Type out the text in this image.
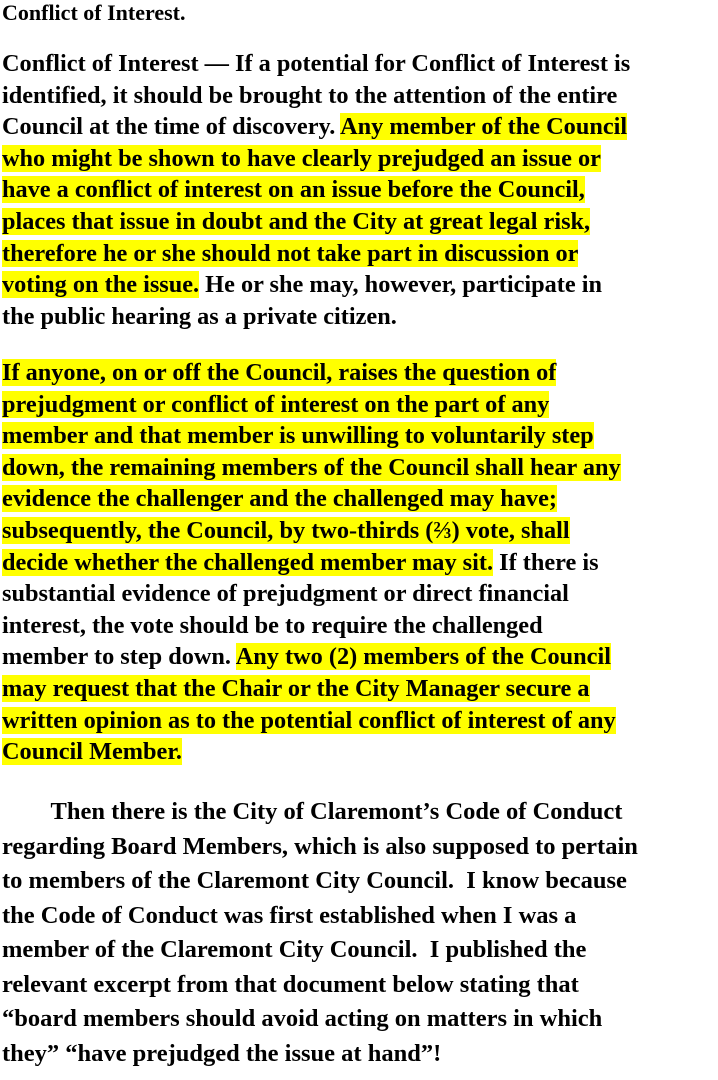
Conflict of Interest.

Conflict of Interest — If a potential for Conflict of Interest is
identified, it should be brought to the attention of the entire
Council at the time of discovery. Any member of the Council
who might be shown to have clearly prejudged an issue or
have a conflict of interest on an issue before the Council,
places that issue in doubt and the City at great legal risk,
therefore he or she should not take part in discussion or
voting on the issue. He or she may, however, participate in
the public hearing as a private citizen.

If anyone, on or off the Council, raises the question of
prejudgment or conflict of interest on the part of any
member and that member is unwilling to voluntarily step
down, the remaining members of the Council shall hear any
evidence the challenger and the challenged may have;
subsequently, the Council, by two-thirds (⅔) vote, shall
decide whether the challenged member may sit. If there is
substantial evidence of prejudgment or direct financial
interest, the vote should be to require the challenged
member to step down. Any two (2) members of the Council
may request that the Chair or the City Manager secure a
written opinion as to the potential conflict of interest of any
Council Member.

Then there is the City of Claremont’s Code of Conduct
regarding Board Members, which is also supposed to pertain
to members of the Claremont City Council.  I know because
the Code of Conduct was first established when I was a
member of the Claremont City Council.  I published the
relevant excerpt from that document below stating that
“board members should avoid acting on matters in which
they” “have prejudged the issue at hand”!
